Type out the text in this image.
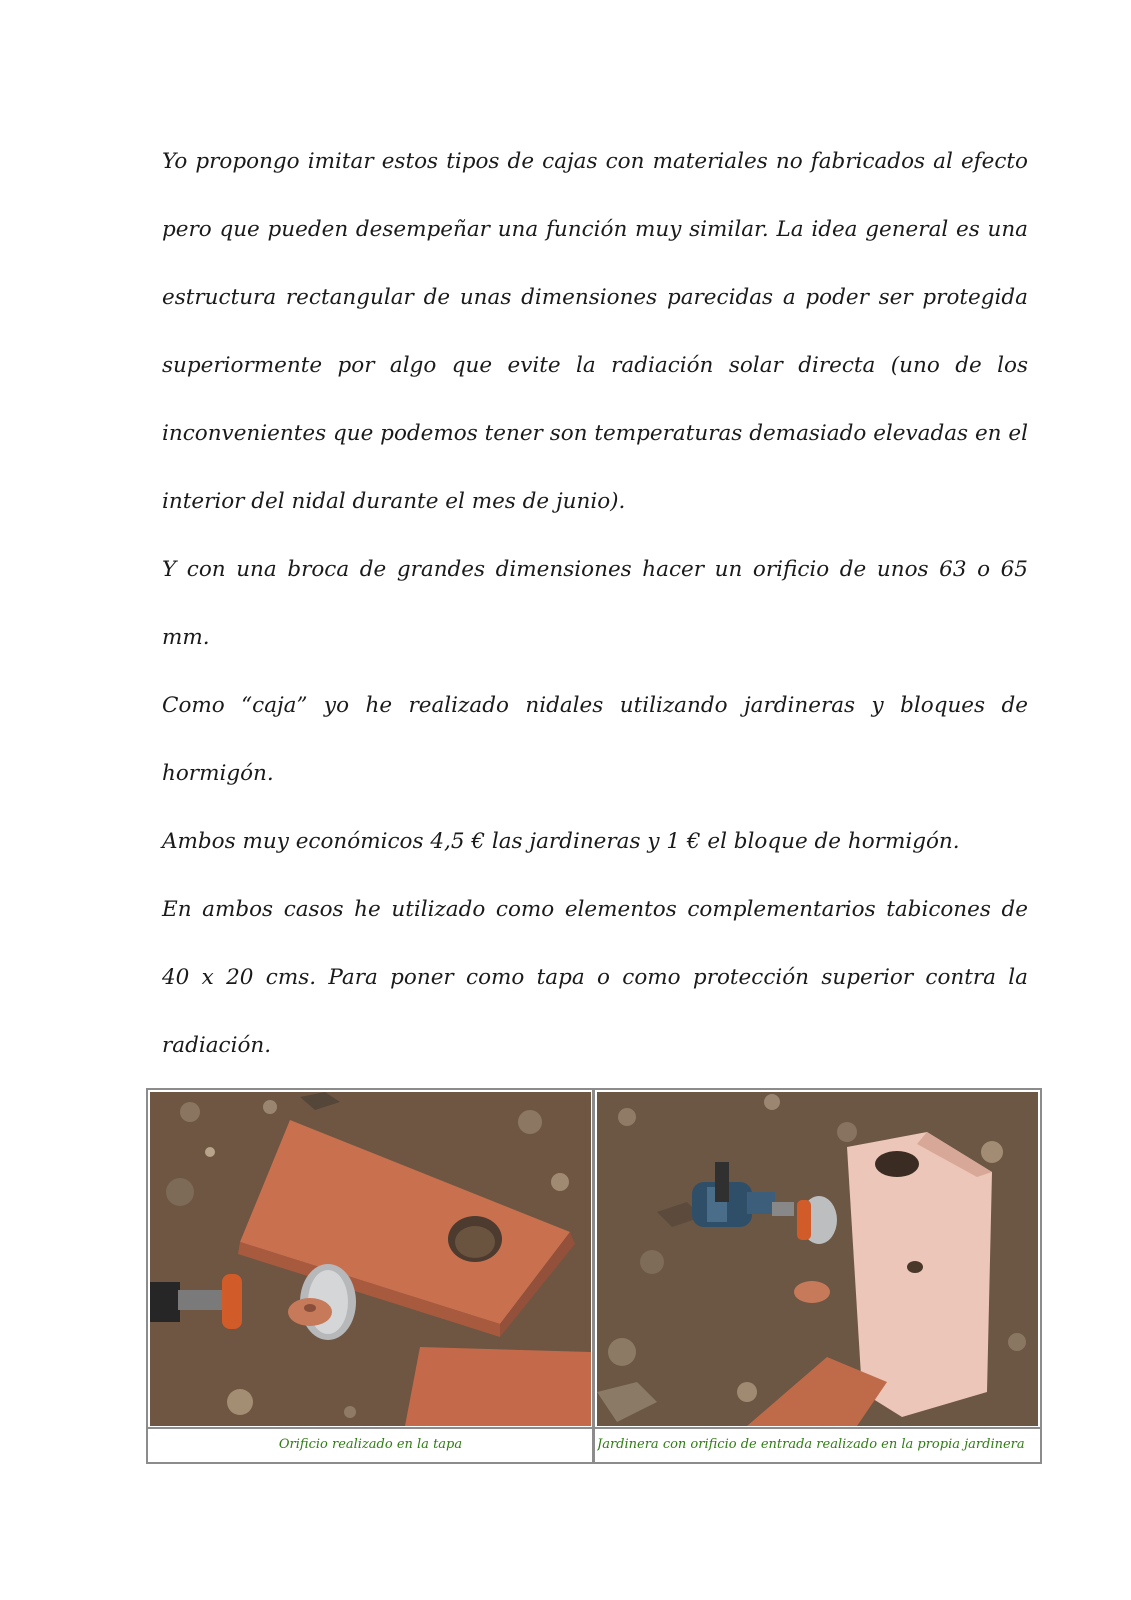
Yo propongo imitar estos tipos de cajas con materiales no fabricados al efecto pero que pueden desempeñar una función muy similar. La idea general es una estructura rectangular de unas dimensiones parecidas a poder ser protegida superiormente por algo que evite la radiación solar directa (uno de los inconvenientes que podemos tener son temperaturas demasiado elevadas en el interior del nidal durante el mes de junio).

Y con una broca de grandes dimensiones hacer un orificio de unos 63 o 65 mm.

Como “caja” yo he realizado nidales utilizando jardineras y bloques de hormigón.

Ambos muy económicos 4,5 € las jardineras y 1 € el bloque de hormigón.

En ambos casos he utilizado como elementos complementarios tabicones de 40 x 20 cms. Para poner como tapa o como protección superior contra la radiación.

Orificio realizado en la tapa	Jardinera con orificio de entrada realizado en la propia jardinera
